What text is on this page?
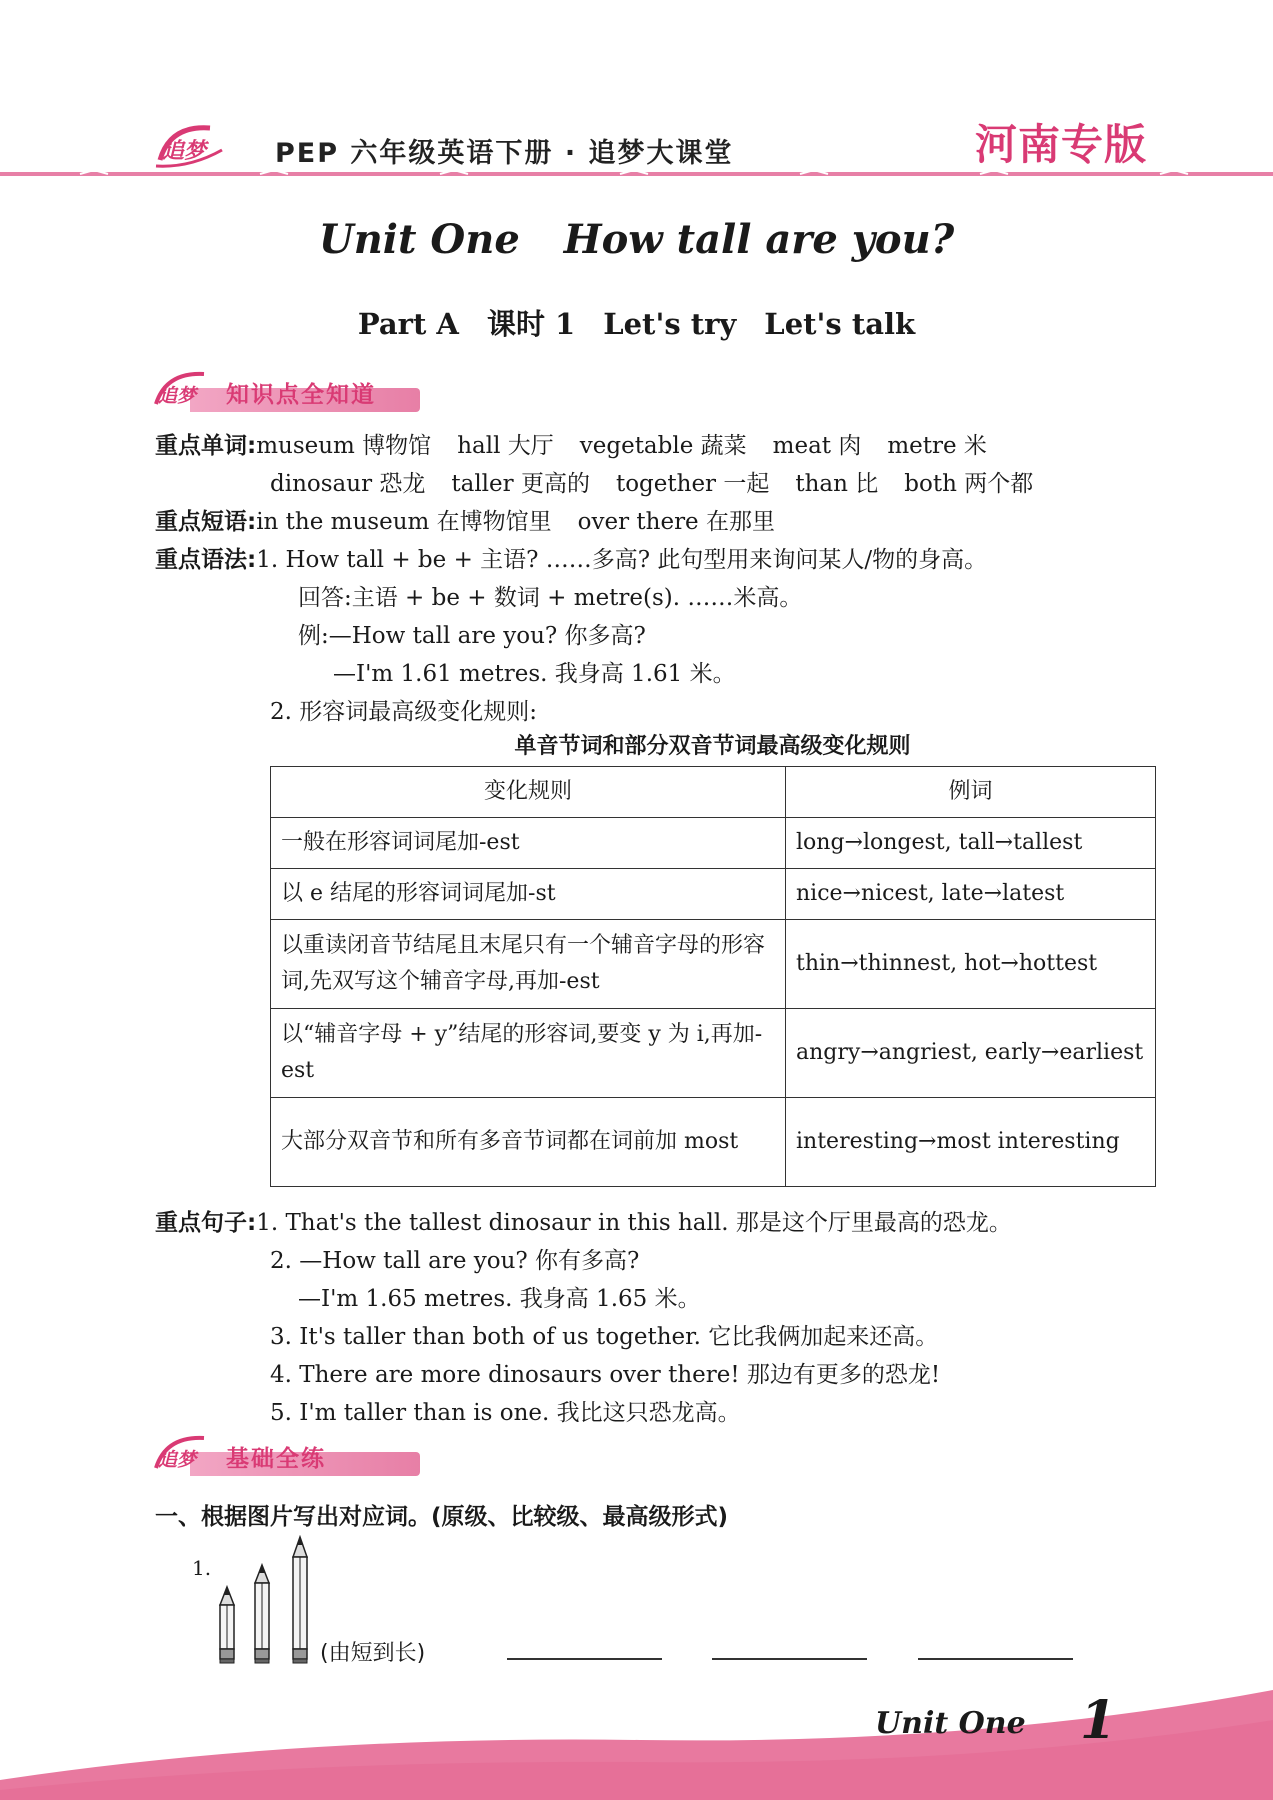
追梦	PEP 六年级英语下册 · 追梦大课堂	河南专版
Unit One How tall are you?
Part A 课时 1 Let's try Let's talk
追梦 知识点全知道
重点单词:museum 博物馆 hall 大厅 vegetable 蔬菜 meat 肉 metre 米
dinosaur 恐龙 taller 更高的 together 一起 than 比 both 两个都
重点短语:in the museum 在博物馆里 over there 在那里
重点语法:1. How tall + be + 主语? ……多高? 此句型用来询问某人/物的身高。
回答:主语 + be + 数词 + metre(s). ……米高。
例:—How tall are you? 你多高?
—I'm 1.61 metres. 我身高 1.61 米。
2. 形容词最高级变化规则:
单音节词和部分双音节词最高级变化规则
变化规则	例词
一般在形容词词尾加-est	long→longest, tall→tallest
以 e 结尾的形容词词尾加-st	nice→nicest, late→latest
以重读闭音节结尾且末尾只有一个辅音字母的形容词,先双写这个辅音字母,再加-est	thin→thinnest, hot→hottest
以“辅音字母 + y”结尾的形容词,要变 y 为 i,再加-est	angry→angriest, early→earliest
大部分双音节和所有多音节词都在词前加 most	interesting→most interesting
重点句子:1. That's the tallest dinosaur in this hall. 那是这个厅里最高的恐龙。
2. —How tall are you? 你有多高?
—I'm 1.65 metres. 我身高 1.65 米。
3. It's taller than both of us together. 它比我俩加起来还高。
4. There are more dinosaurs over there! 那边有更多的恐龙!
5. I'm taller than is one. 我比这只恐龙高。
追梦 基础全练
一、根据图片写出对应词。(原级、比较级、最高级形式)
1.
(由短到长)
Unit One 1
